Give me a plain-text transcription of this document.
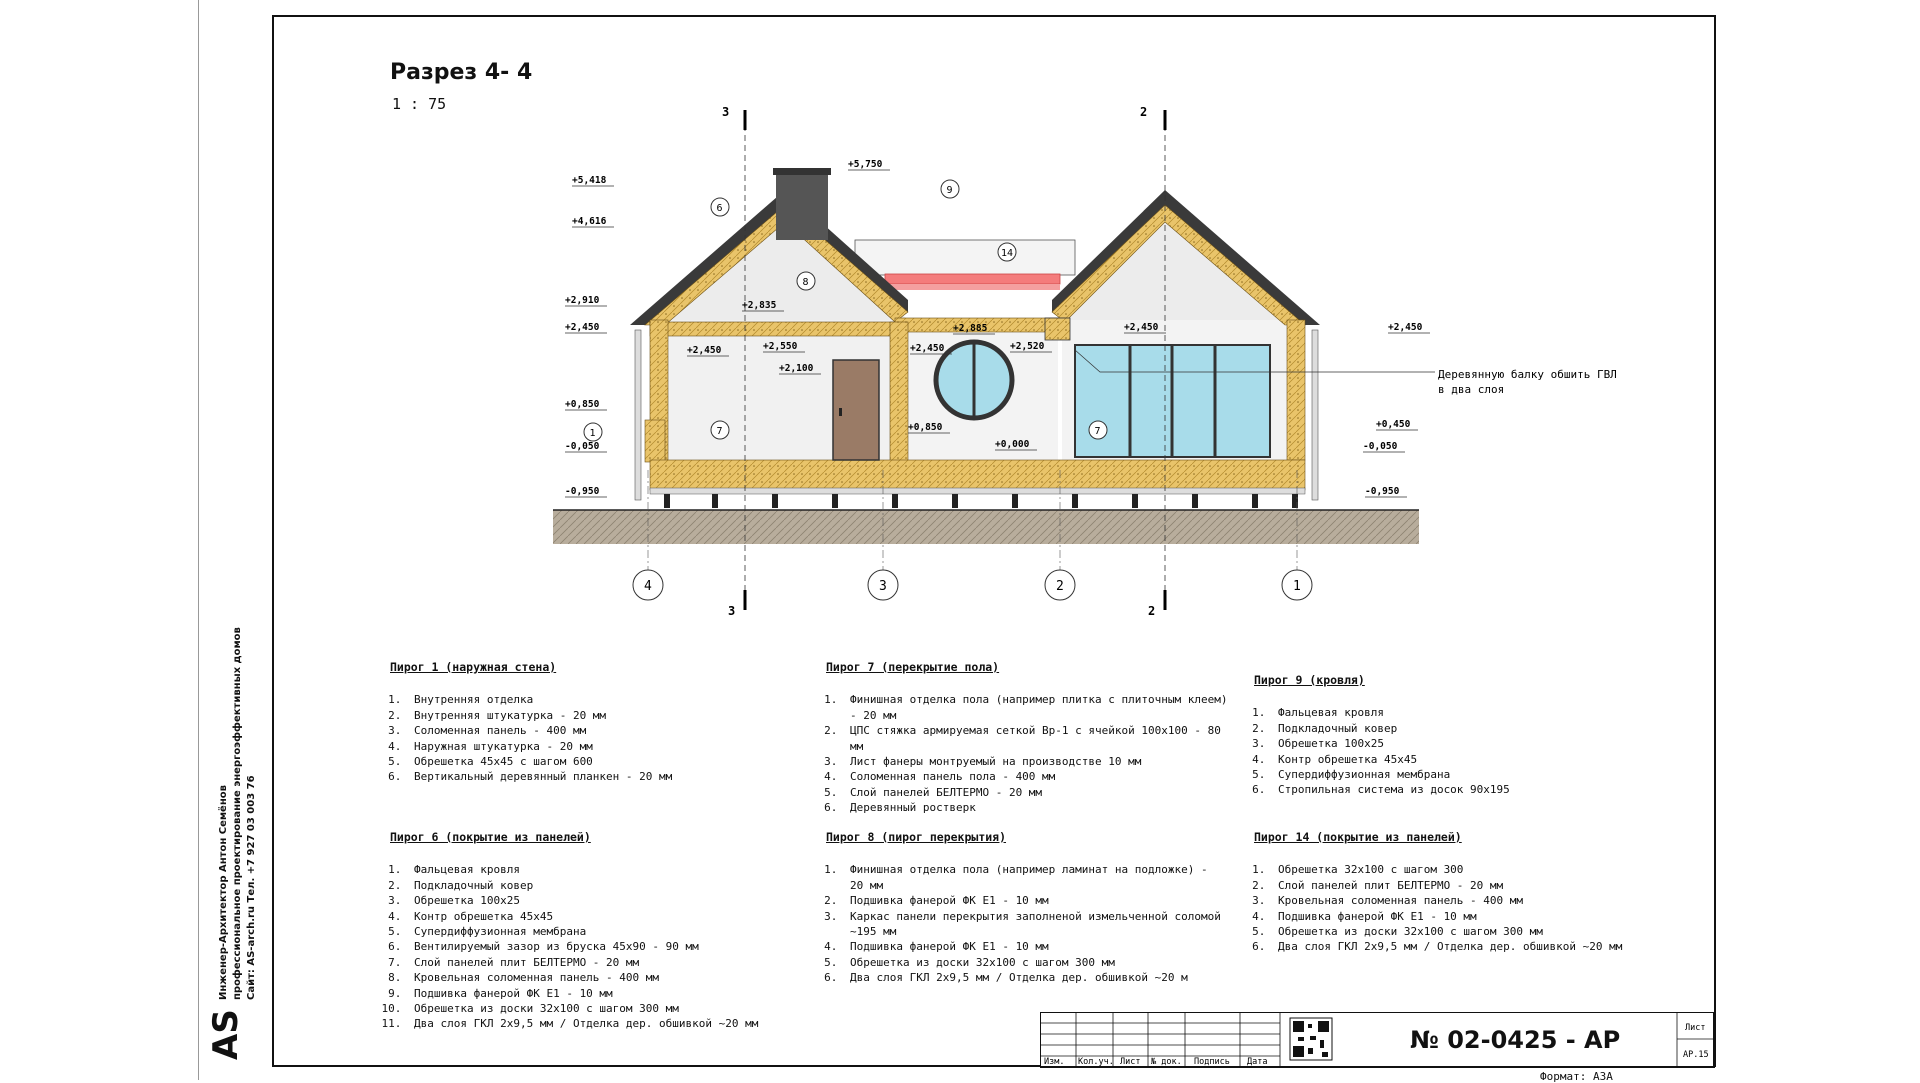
Инженер-Архитектор Антон Семёнов профессиональное проектирование энергоэффективных домов Сайт: AS-arch.ru Тел. +7 927 03 003 76
AS
Разрез 4- 4
1 : 75	3	2
3	2
4	3	2	1
+5,418
+5,750
+4,616
+2,910
+2,450
+2,835
+2,550
+2,450
+2,100
+2,885
+2,520
+2,450
+2,450
+2,450
+0,850
+0,850
+0,000
+0,450
-0,050	-0,050
-0,950	-0,950
6
8
9
14
1	7	7
Деревянную балку обшить ГВЛ
в два слоя
Пирог 1 (наружная стена)
1. Внутренняя отделка
2. Внутренняя штукатурка - 20 мм
3. Соломенная панель - 400 мм
4. Наружная штукатурка - 20 мм
5. Обрешетка 45х45 с шагом 600
6. Вертикальный деревянный планкен - 20 мм
Пирог 7 (перекрытие пола)
1. Финишная отделка пола (например плитка с плиточным клеем) - 20 мм
2. ЦПС стяжка армируемая сеткой Вр-1 с ячейкой 100х100 - 80 мм
3. Лист фанеры монтруемый на производстве 10 мм
4. Соломенная панель пола - 400 мм
5. Слой панелей БЕЛТЕРМО - 20 мм
6. Деревянный ростверк
Пирог 9 (кровля)
1. Фальцевая кровля
2. Подкладочный ковер
3. Обрешетка 100х25
4. Контр обрешетка 45х45
5. Супердиффузионная мембрана
6. Стропильная система из досок 90х195
Пирог 6 (покрытие из панелей)
1. Фальцевая кровля
2. Подкладочный ковер
3. Обрешетка 100х25
4. Контр обрешетка 45х45
5. Супердиффузионная мембрана
6. Вентилируемый зазор из бруска 45х90 - 90 мм
7. Слой панелей плит БЕЛТЕРМО - 20 мм
8. Кровельная соломенная панель - 400 мм
9. Подшивка фанерой ФК Е1 - 10 мм
10. Обрешетка из доски 32х100 с шагом 300 мм
11. Два слоя ГКЛ 2х9,5 мм / Отделка дер. обшивкой ~20 мм
Пирог 8 (пирог перекрытия)
1. Финишная отделка пола (например ламинат на подложке) - 20 мм
2. Подшивка фанерой ФК Е1 - 10 мм
3. Каркас панели перекрытия заполненой измельченной соломой ~195 мм
4. Подшивка фанерой ФК Е1 - 10 мм
5. Обрешетка из доски 32х100 с шагом 300 мм
6. Два слоя ГКЛ 2х9,5 мм / Отделка дер. обшивкой ~20 м
Пирог 14 (покрытие из панелей)
1. Обрешетка 32х100 с шагом 300
2. Слой панелей плит БЕЛТЕРМО - 20 мм
3. Кровельная соломенная панель - 400 мм
4. Подшивка фанерой ФК Е1 - 10 мм
5. Обрешетка из доски 32х100 с шагом 300 мм
6. Два слоя ГКЛ 2х9,5 мм / Отделка дер. обшивкой ~20 мм
Изм. Кол.уч. Лист № док. Подпись Дата
Лист
АР.15
№ 02-0425 - АР
Формат: А3А
